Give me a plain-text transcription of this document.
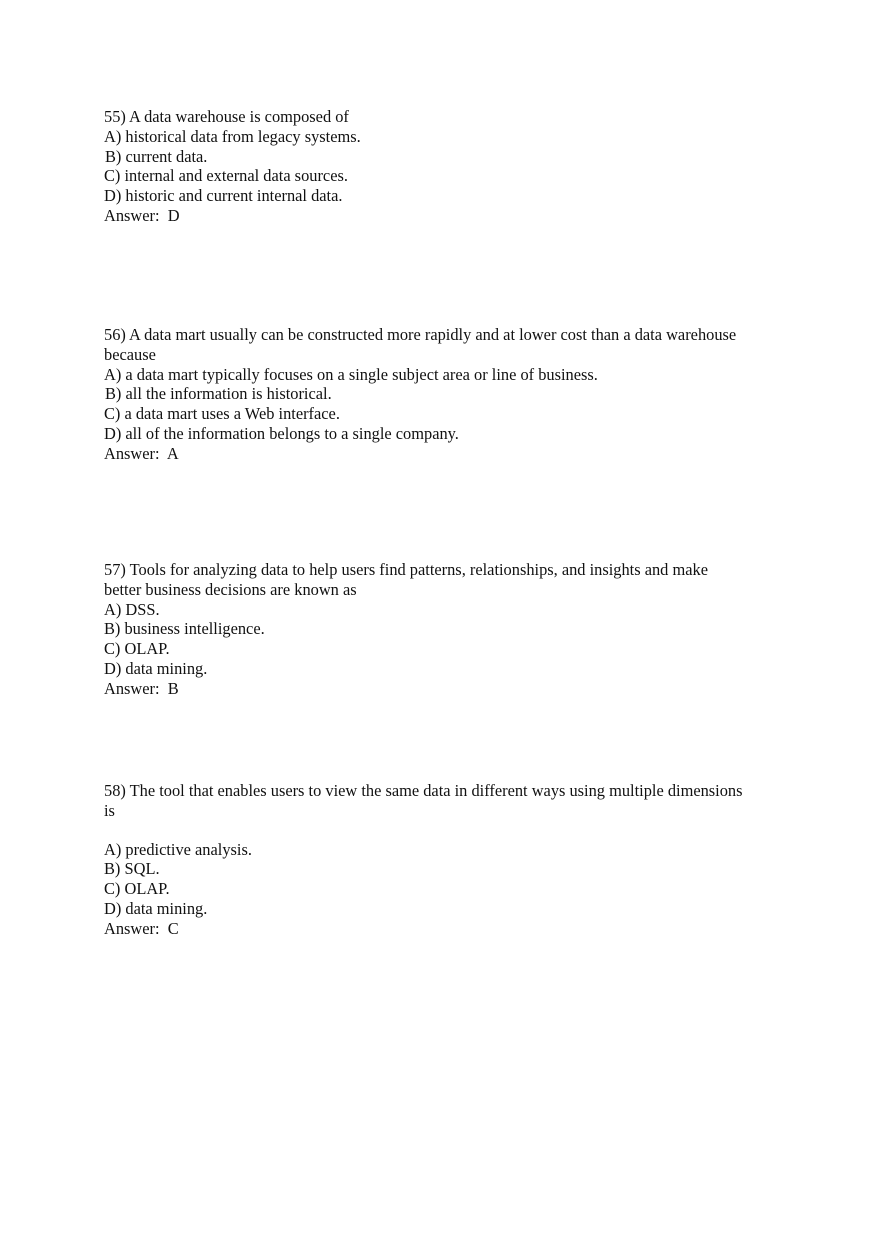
55) A data warehouse is composed of
A) historical data from legacy systems.
B) current data.
C) internal and external data sources.
D) historic and current internal data.
Answer:  D
56) A data mart usually can be constructed more rapidly and at lower cost than a data warehouse
because
A) a data mart typically focuses on a single subject area or line of business.
B) all the information is historical.
C) a data mart uses a Web interface.
D) all of the information belongs to a single company.
Answer:  A
57) Tools for analyzing data to help users find patterns, relationships, and insights and make
better business decisions are known as
A) DSS.
B) business intelligence.
C) OLAP.
D) data mining.
Answer:  B
58) The tool that enables users to view the same data in different ways using multiple dimensions
is
A) predictive analysis.
B) SQL.
C) OLAP.
D) data mining.
Answer:  C
